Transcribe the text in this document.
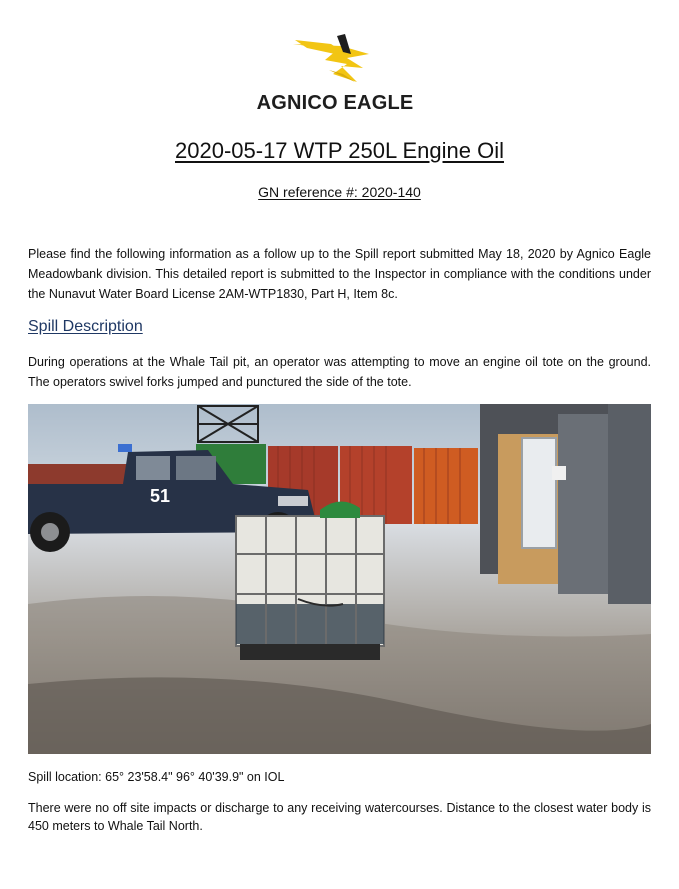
AGNICO EAGLE
2020-05-17 WTP 250L Engine Oil
GN reference #: 2020-140
Please find the following information as a follow up to the Spill report submitted May 18, 2020 by Agnico Eagle Meadowbank division. This detailed report is submitted to the Inspector in compliance with the conditions under the Nunavut Water Board License 2AM-WTP1830, Part H, Item 8c.
Spill Description
During operations at the Whale Tail pit, an operator was attempting to move an engine oil tote on the ground. The operators swivel forks jumped and punctured the side of the tote.
51
Spill location: 65° 23'58.4" 96° 40'39.9" on IOL
There were no off site impacts or discharge to any receiving watercourses. Distance to the closest water body is 450 meters to Whale Tail North.
